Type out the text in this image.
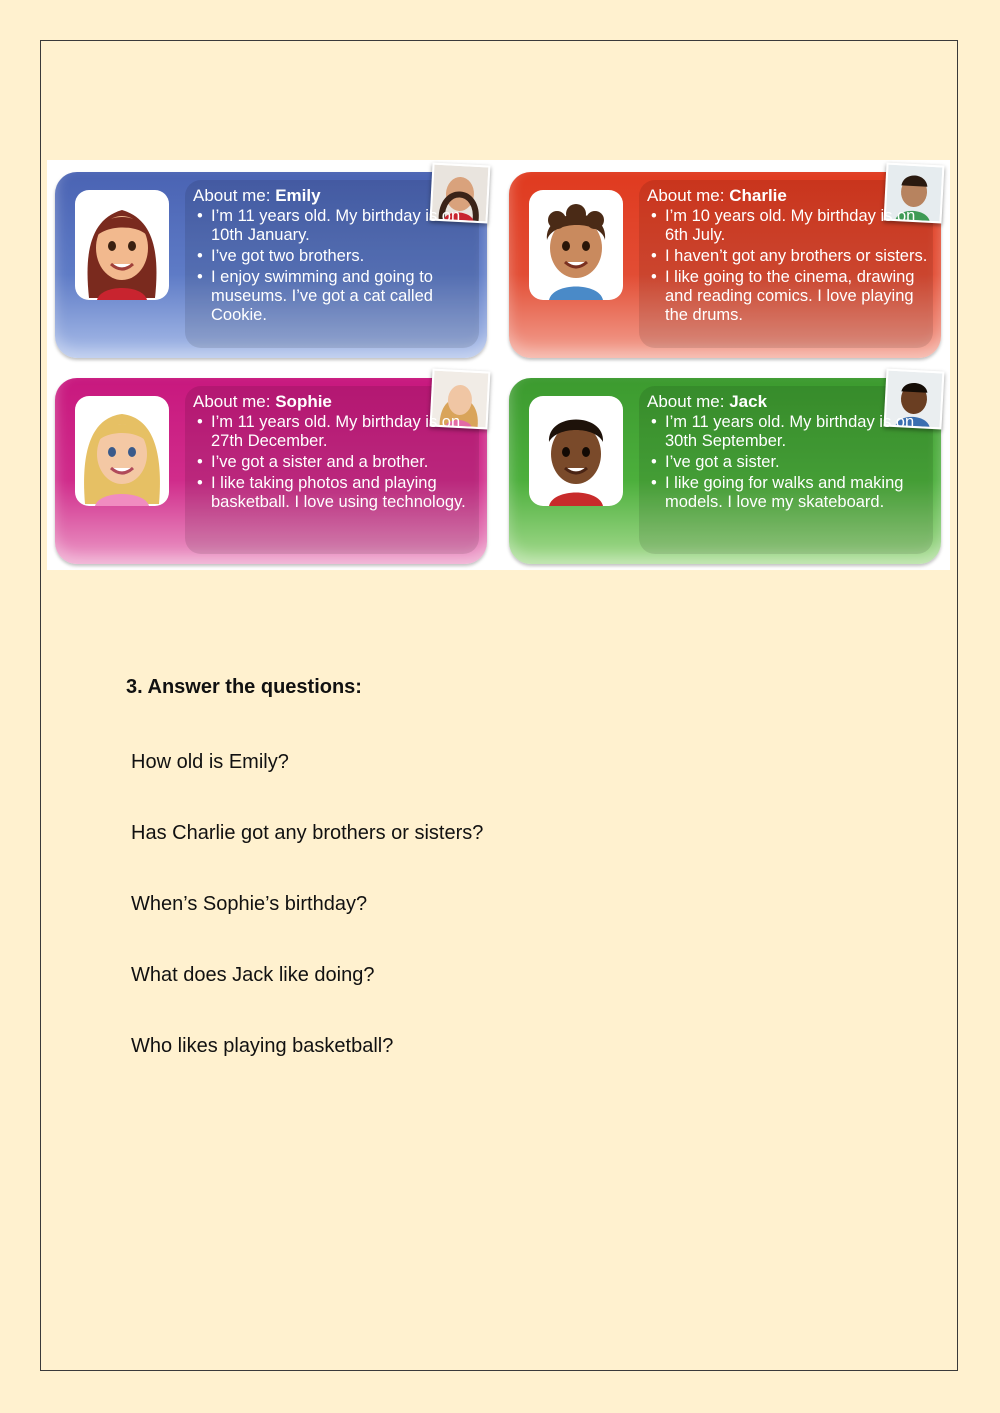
About me: Emily

• I’m 11 years old. My birthday is on 10th January.
• I’ve got two brothers.
• I enjoy swimming and going to museums. I’ve got a cat called Cookie.

About me: Charlie

• I’m 10 years old. My birthday is on 6th July.
• I haven’t got any brothers or sisters.
• I like going to the cinema, drawing and reading comics. I love playing the drums.

About me: Sophie

• I’m 11 years old. My birthday is on 27th December.
• I’ve got a sister and a brother.
• I like taking photos and playing basketball. I love using technology.

About me: Jack

• I’m 11 years old. My birthday is on 30th September.
• I’ve got a sister.
• I like going for walks and making models. I love my skateboard.

3. Answer the questions:

How old is Emily?

Has Charlie got any brothers or sisters?

When’s Sophie’s birthday?

What does Jack like doing?

Who likes playing basketball?
